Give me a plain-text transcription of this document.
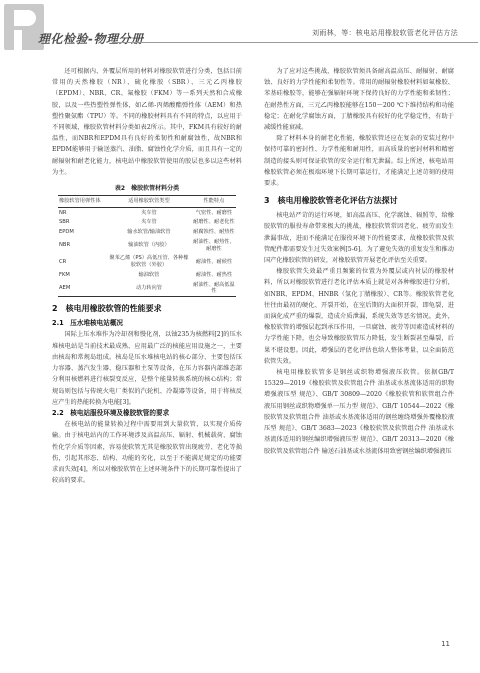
理化检验-物理分册	刘雨林，等：核电站用橡胶软管老化评估方法

还可根据内、外覆层所用的材料对橡胶软管进行分类，包括目前常用的天然橡胶（NR）、硫化橡胶（SBR）、三元乙丙橡胶（EPDM）、NBR、CR、氟橡胶（FKM）等一系列天然和合成橡胶，以及一些热塑性弹性体，如乙烯-丙烯酸酯弹性体（AEM）和热塑性聚氨酯（TPU）等。不同的橡胶材料具有不同的特点，以应用于不同领域，橡胶软管材料分类如表2所示。其中，FKM具有较好的耐温性，而NBR和EPDM具有良好的柔韧性和耐腐蚀性，故NBR和EPDM能够用于输送蒸汽、油脂、腐蚀性化学介质，而且具有一定的耐辐射和耐老化能力，核电站中橡胶软管使用的胶层也多以这些材料为主。

表2　橡胶软管材料分类
橡胶软管用弹性体	适用橡胶软管类型	性能特点
NR	夹车管	气密性、耐磨性
SBR	夹车管	耐磨性、耐老化性
EPDM	输水软管/输油软管	耐腐蚀性、耐热性
NBR	输油软管（内胶）	耐油性、耐热性、耐磨性
CR	聚苯乙烯（PS）高低压管、各种橡胶软管（外胶）	耐油性、耐候性
FKM	输油软管	耐油性、耐热性
AEM	动力转向管	耐油性、耐高低温性
2　核电用橡胶软管的性能要求
2.1　压水堆核电站概况

国际上压水堆作为冷却剂和慢化剂，以铀235为核燃料[2]的压水堆核电站是当前技术最成熟、应用最广泛的核能应用设施之一，主要由核岛和常规岛组成。核岛是压水堆核电站的核心部分，主要包括压力容器、蒸汽发生器、稳压器和主泵等设备，在压力容器内部维态部分利用核燃料进行核裂变反应，是整个能量转换系统的核心结构；常规岛则包括与传统火电厂类似的汽轮机、冷凝器等设备，用于将核反应产生的热能转换为电能[3]。

2.2　核电站服役环境及橡胶软管的要求

在核电站的能量转换过程中需要用到大量软管，以实现介质传输。由于核电站内的工作环境涉及高温高压、辐射、机械载荷、腐蚀性化学介质等因素，容易使软管无其是橡胶软管出现疲劳、老化等损伤，引起其形态、结构、功能的劣化，以至于不能满足规定的功能要求而失效[4]，所以对橡胶软管在上述环境条件下的长期可靠性提出了较高的要求。

为了应对这些挑战，橡胶软管须具备耐高温高压、耐辐射、耐腐蚀、良好的力学性能和柔韧性等。常用的耐辐射橡胶材料如氟橡胶、苯基硅橡胶等，能够在强辐射环境下保持良好的力学性能和柔韧性；在耐热性方面，三元乙丙橡胶能够在150～200 ℃下维持结构和功能稳定；在耐化学腐蚀方面，丁腈橡胶具有较好的化学稳定性，有助于减缓性能衰减。

除了材料本身的耐老化性能，橡胶软管还应在复杂的安装过程中保持可靠的密封性、力学性能和耐用性，而高质量的密封材料和精密制造的接头则可保证软管的安全运行和无泄漏。综上所述，核电站用橡胶软管必须在极端环境下长期可靠运行，才能满足上述苛刻的使用要求。

3　核电用橡胶软管老化评估方法探讨

核电站严苛的运行环境，如高温高压、化学腐蚀、辐照等，给橡胶软管的服役寿命带来极大的挑战，橡胶软管常因老化、疲劳而发生泄漏事故，进而不能满足在服役环境下的性能要求，故橡胶软管及软管配件都需要发生过失效案例[5-6]。为了避免失效的重复发生和推动国产化橡胶软管的研发，对橡胶软管开展老化评估至关重要。

橡胶软管失效最严重且频繁的位置为外覆层或内衬层的橡胶材料，所以对橡胶软管进行老化评估本质上就是对各种橡胶进行分析，如NBR、EPDM、HNBR（氢化丁腈橡胶）、CR等。橡胶软管老化往往由最初的硬化、开裂开始，在室后期的大面积开裂，即龟裂，进而演化成严重的爆裂，造成介质泄漏，系统失效等恶劣情况。此外，橡胶软管的增强层起到承压作用，一旦腐蚀、疲劳等因素造成材料的力学性能下降，也会导致橡胶软管压力降低，发生断裂甚至爆裂，后果不堪设想。因此，增强层的老化评估也给人整体考量，以全面防范软管失效。

核电用橡胶软管多是钢丝或织物增强液压软管。依据GB/T 15329—2019《橡胶软管及软管组合件 油基或水基流体适用的织物增强液压型 规范》、GB/T 30809—2020《橡胶软管和软管组合件 液压用钢丝或织物增强单一压力型 规范》、GB/T 10544—2022《橡胶软管及软管组合件 油基或水基流体适用的钢丝缠绕增强外覆橡胶液压型 规范》、GB/T 3683—2023《橡胶软管及软管组合件 油基或水基流体适用的钢丝编织增强液压型 规范》、GB/T 20313—2020《橡胶软管及软管组合件 输送石油基或水基流体用致密钢丝编织增强液压

11
